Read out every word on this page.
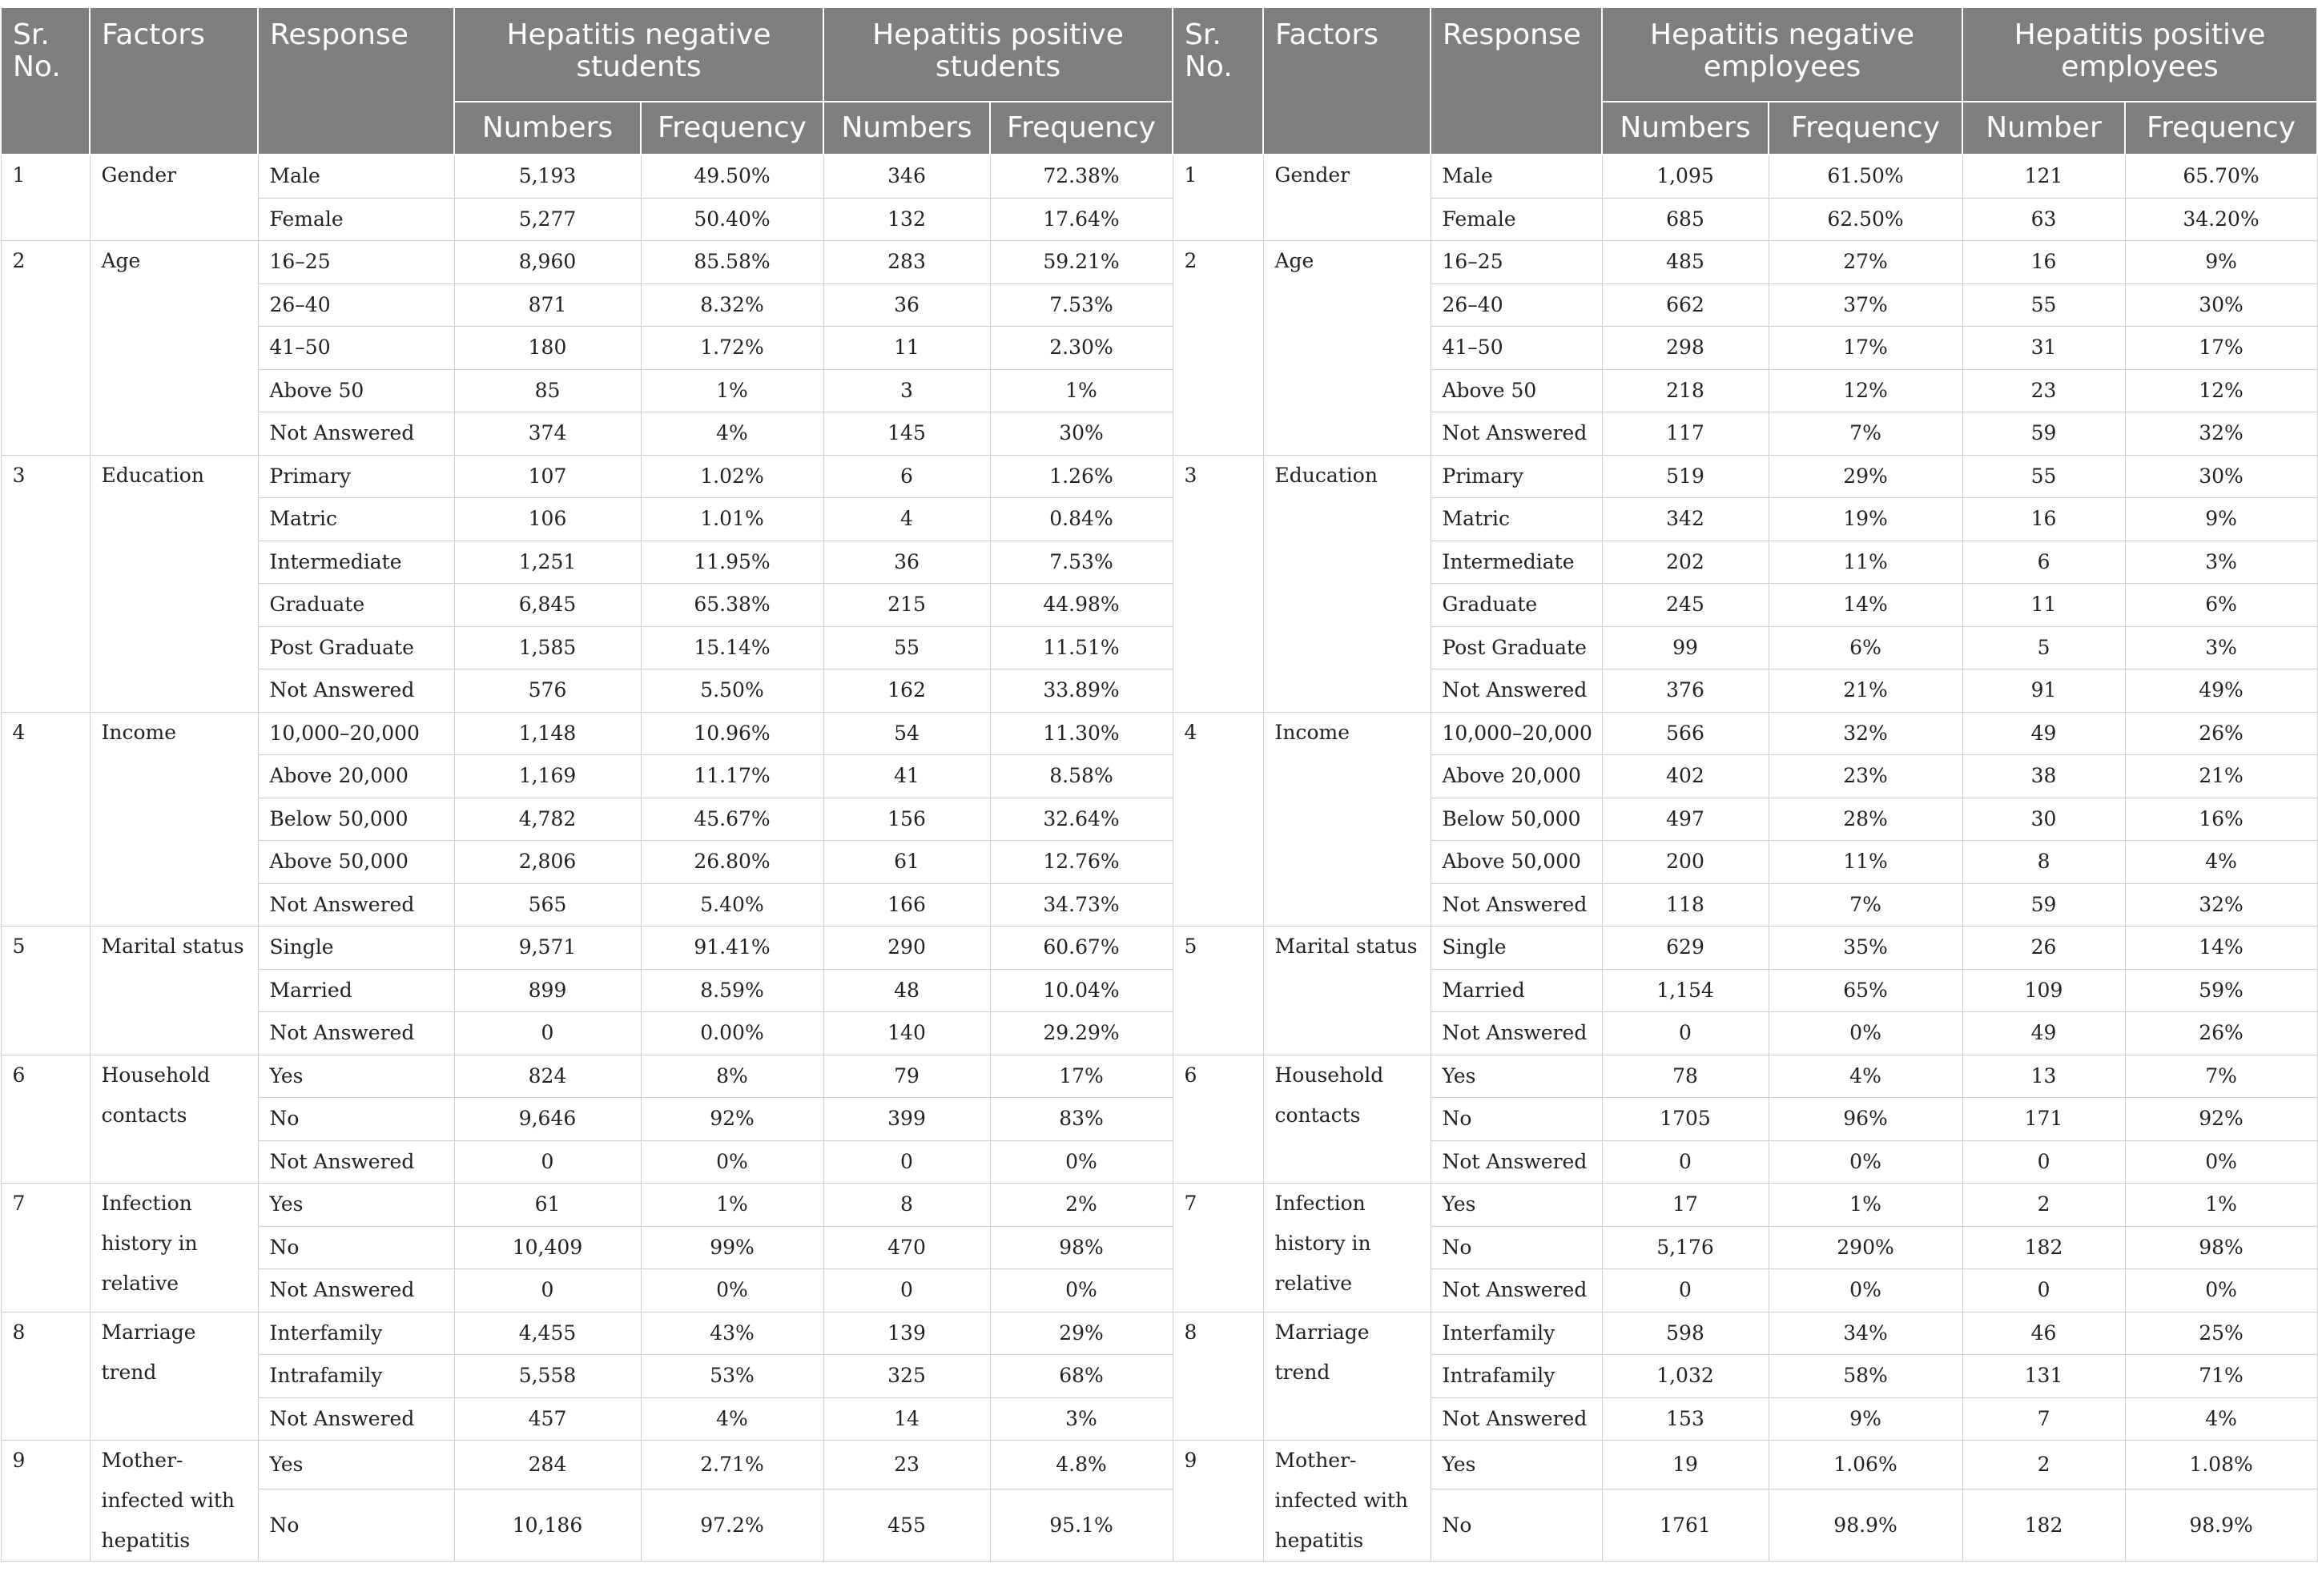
Sr. No.	Factors	Response	Hepatitis negative students		Hepatitis positive students		Sr. No.	Factors	Response	Hepatitis negative employees		Hepatitis positive employees	
			Numbers	Frequency	Numbers	Frequency				Numbers	Frequency	Number	Frequency
1	Gender	Male	5,193	49.50%	346	72.38%	1	Gender	Male	1,095	61.50%	121	65.70%
		Female	5,277	50.40%	132	17.64%			Female	685	62.50%	63	34.20%
2	Age	16–25	8,960	85.58%	283	59.21%	2	Age	16–25	485	27%	16	9%
		26–40	871	8.32%	36	7.53%			26–40	662	37%	55	30%
		41–50	180	1.72%	11	2.30%			41–50	298	17%	31	17%
		Above 50	85	1%	3	1%			Above 50	218	12%	23	12%
		Not Answered	374	4%	145	30%			Not Answered	117	7%	59	32%
3	Education	Primary	107	1.02%	6	1.26%	3	Education	Primary	519	29%	55	30%
		Matric	106	1.01%	4	0.84%			Matric	342	19%	16	9%
		Intermediate	1,251	11.95%	36	7.53%			Intermediate	202	11%	6	3%
		Graduate	6,845	65.38%	215	44.98%			Graduate	245	14%	11	6%
		Post Graduate	1,585	15.14%	55	11.51%			Post Graduate	99	6%	5	3%
		Not Answered	576	5.50%	162	33.89%			Not Answered	376	21%	91	49%
4	Income	10,000–20,000	1,148	10.96%	54	11.30%	4	Income	10,000–20,000	566	32%	49	26%
		Above 20,000	1,169	11.17%	41	8.58%			Above 20,000	402	23%	38	21%
		Below 50,000	4,782	45.67%	156	32.64%			Below 50,000	497	28%	30	16%
		Above 50,000	2,806	26.80%	61	12.76%			Above 50,000	200	11%	8	4%
		Not Answered	565	5.40%	166	34.73%			Not Answered	118	7%	59	32%
5	Marital status	Single	9,571	91.41%	290	60.67%	5	Marital status	Single	629	35%	26	14%
		Married	899	8.59%	48	10.04%			Married	1,154	65%	109	59%
		Not Answered	0	0.00%	140	29.29%			Not Answered	0	0%	49	26%
6	Household contacts	Yes	824	8%	79	17%	6	Household contacts	Yes	78	4%	13	7%
		No	9,646	92%	399	83%			No	1705	96%	171	92%
		Not Answered	0	0%	0	0%			Not Answered	0	0%	0	0%
7	Infection history in relative	Yes	61	1%	8	2%	7	Infection history in relative	Yes	17	1%	2	1%
		No	10,409	99%	470	98%			No	5,176	290%	182	98%
		Not Answered	0	0%	0	0%			Not Answered	0	0%	0	0%
8	Marriage trend	Interfamily	4,455	43%	139	29%	8	Marriage trend	Interfamily	598	34%	46	25%
		Intrafamily	5,558	53%	325	68%			Intrafamily	1,032	58%	131	71%
		Not Answered	457	4%	14	3%			Not Answered	153	9%	7	4%
9	Mother-infected with hepatitis	Yes	284	2.71%	23	4.8%	9	Mother-infected with hepatitis	Yes	19	1.06%	2	1.08%
		No	10,186	97.2%	455	95.1%			No	1761	98.9%	182	98.9%
